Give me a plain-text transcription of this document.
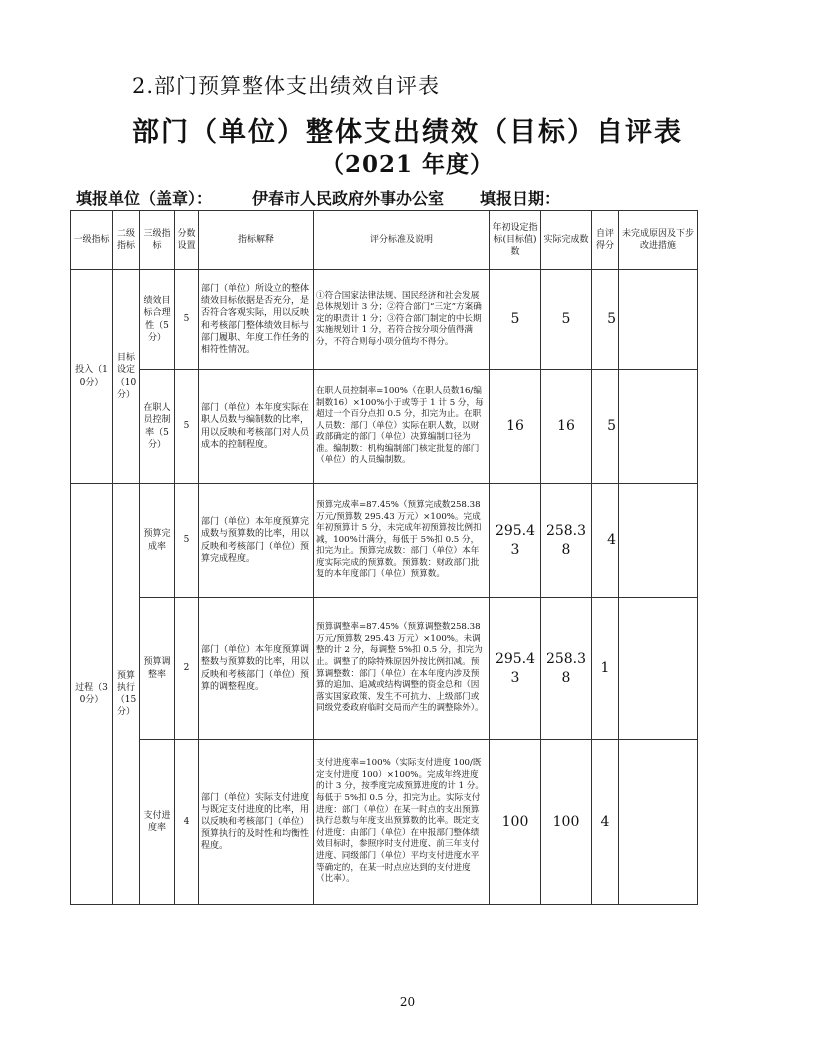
2.部门预算整体支出绩效自评表
部门（单位）整体支出绩效（目标）自评表
（2021 年度）
填报单位（盖章）： 伊春市人民政府外事办公室 填报日期：
一级指标	二级指标	三级指标	分数设置	指标解释	评分标准及说明	年初设定指标(目标值)数	实际完成数	自评得分	未完成原因及下步改进措施
投入（10分）	目标设定（10分）	绩效目标合理性（5分）	5	部门（单位）所设立的整体绩效目标依据是否充分，是否符合客观实际，用以反映和考核部门整体绩效目标与部门履职、年度工作任务的相符性情况。	①符合国家法律法规、国民经济和社会发展总体规划计 3 分；②符合部门“三定”方案确定的职责计 1 分；③符合部门制定的中长期实施规划计 1 分，若符合按分项分值得满分，不符合则每小项分值均不得分。	5	5	5	
		在职人员控制率（5分）	5	部门（单位）本年度实际在职人员数与编制数的比率，用以反映和考核部门对人员成本的控制程度。	在职人员控制率=100%（在职人员数16/编制数16）×100%小于或等于 1 计 5 分，每超过一个百分点扣 0.5 分，扣完为止。在职人员数：部门（单位）实际在职人数，以财政部确定的部门（单位）决算编制口径为准。编制数：机构编制部门核定批复的部门（单位）的人员编制数。	16	16	5	
过程（30分）	预算执行（15分）	预算完成率	5	部门（单位）本年度预算完成数与预算数的比率，用以反映和考核部门（单位）预算完成程度。	预算完成率=87.45%（预算完成数258.38 万元/预算数 295.43 万元）×100%。完成年初预算计 5 分，未完成年初预算按比例扣减，100%计满分，每低于 5%扣 0.5 分，扣完为止。预算完成数：部门（单位）本年度实际完成的预算数。预算数：财政部门批复的本年度部门（单位）预算数。	295.43	258.38	4	
		预算调整率	2	部门（单位）本年度预算调整数与预算数的比率，用以反映和考核部门（单位）预算的调整程度。	预算调整率=87.45%（预算调整数258.38 万元/预算数 295.43 万元）×100%。未调整的计 2 分，每调整 5%扣 0.5 分，扣完为止。调整了的除特殊原因外按比例扣减。预算调整数：部门（单位）在本年度内涉及预算的追加、追减或结构调整的资金总和（因落实国家政策、发生不可抗力、上级部门或同级党委政府临时交局而产生的调整除外）。	295.43	258.38	1	
		支付进度率	4	部门（单位）实际支付进度与既定支付进度的比率，用以反映和考核部门（单位）预算执行的及时性和均衡性程度。	支付进度率=100%（实际支付进度 100/既定支付进度 100）×100%。完成年终进度的计 3 分，按季度完成预算进度的计 1 分。每低于 5%扣 0.5 分，扣完为止。实际支付进度：部门（单位）在某一时点的支出预算执行总数与年度支出预算数的比率。既定支付进度：由部门（单位）在申报部门整体绩效目标时，参照序时支付进度、前三年支付进度、同级部门（单位）平均支付进度水平等确定的，在某一时点应达到的支付进度（比率）。	100	100	4	
20
